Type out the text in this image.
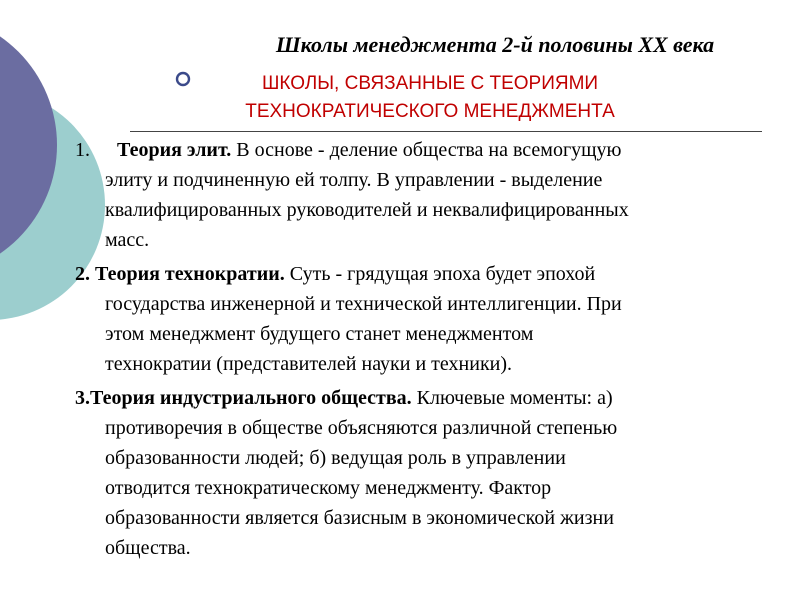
Школы менеджмента 2-й половины ХХ века
ШКОЛЫ, СВЯЗАННЫЕ С ТЕОРИЯМИ
ТЕХНОКРАТИЧЕСКОГО МЕНЕДЖМЕНТА
1. Теория элит. В основе - деление общества на всемогущую
элиту и подчиненную ей толпу. В управлении - выделение
квалифицированных руководителей и неквалифицированных
масс.
2. Теория технократии. Суть - грядущая эпоха будет эпохой
государства инженерной и технической интеллигенции. При
этом менеджмент будущего станет менеджментом
технократии (представителей науки и техники).
3.Теория индустриального общества. Ключевые моменты: а)
противоречия в обществе объясняются различной степенью
образованности людей; б) ведущая роль в управлении
отводится технократическому менеджменту. Фактор
образованности является базисным в экономической жизни
общества.
